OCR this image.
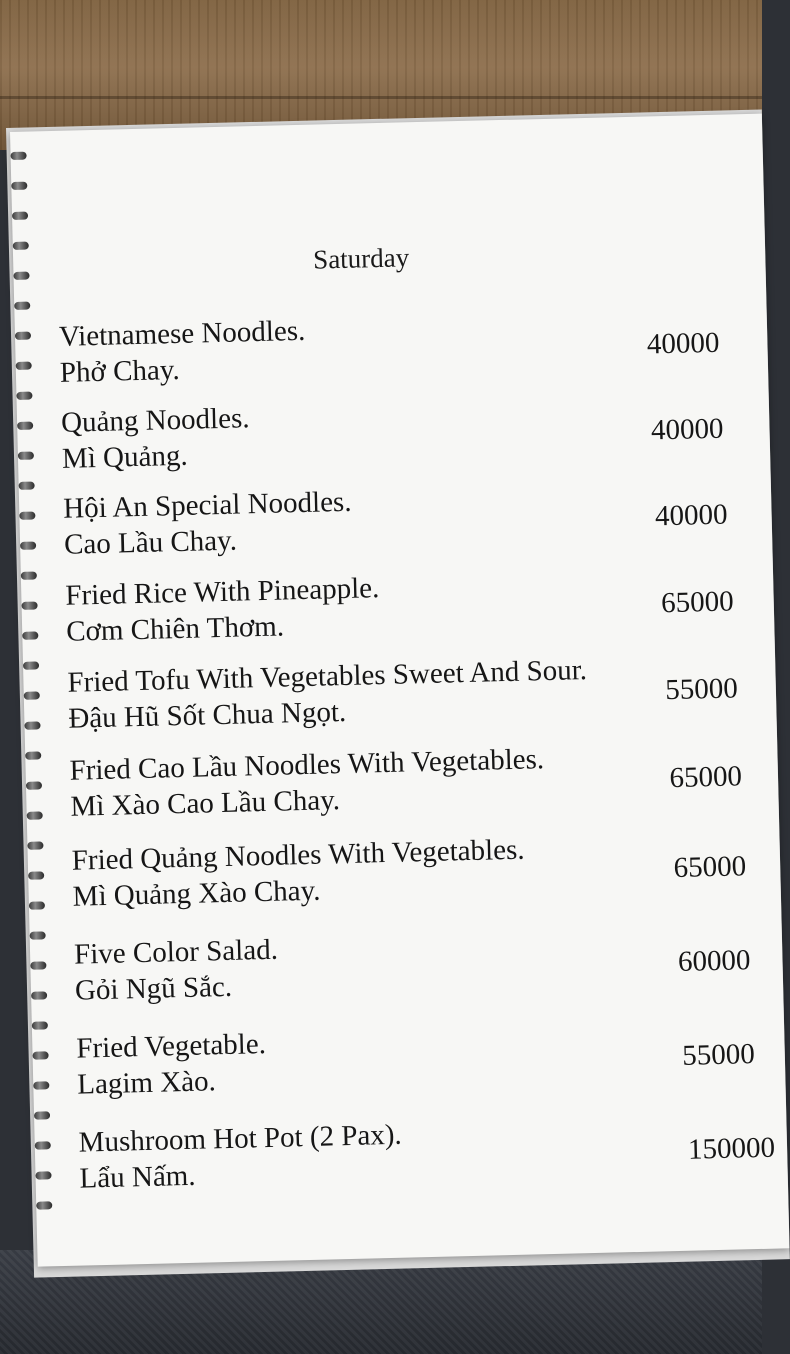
Saturday
Vietnamese Noodles.
Phở Chay.
40000
Quảng Noodles.
Mì Quảng.
40000
Hội An Special Noodles.
Cao Lầu Chay.
40000
Fried Rice With Pineapple.
Cơm Chiên Thơm.
65000
Fried Tofu With Vegetables Sweet And Sour.
Đậu Hũ Sốt Chua Ngọt.
55000
Fried Cao Lầu Noodles With Vegetables.
Mì Xào Cao Lầu Chay.
65000
Fried Quảng Noodles With Vegetables.
Mì Quảng Xào Chay.
65000
Five Color Salad.
Gỏi Ngũ Sắc.
60000
Fried Vegetable.
Lagim Xào.
55000
Mushroom Hot Pot (2 Pax).
Lẩu Nấm.
150000
